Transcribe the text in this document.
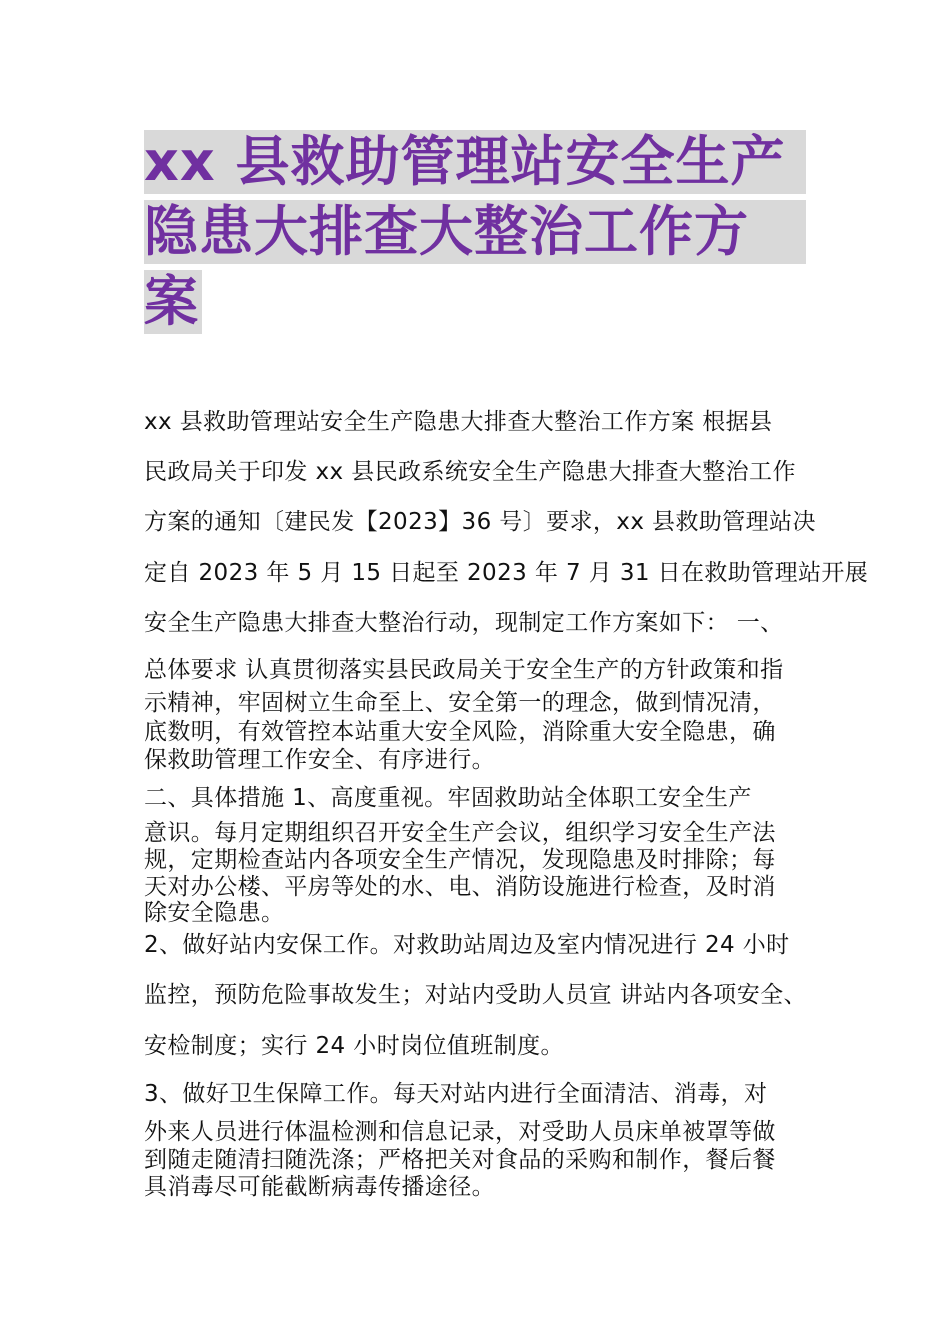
xx 县救助管理站安全生产
隐患大排查大整治工作方
案
xx 县救助管理站安全生产隐患大排查大整治工作方案 根据县
民政局关于印发 xx 县民政系统安全生产隐患大排查大整治工作
方案的通知〔建民发【2023】36 号〕要求，xx 县救助管理站决
定自 2023 年 5 月 15 日起至 2023 年 7 月 31 日在救助管理站开展
安全生产隐患大排查大整治行动，现制定工作方案如下： 一、
总体要求 认真贯彻落实县民政局关于安全生产的方针政策和指
示精神，牢固树立生命至上、安全第一的理念，做到情况清，
底数明，有效管控本站重大安全风险，消除重大安全隐患，确
保救助管理工作安全、有序进行。
二、具体措施 1、高度重视。牢固救助站全体职工安全生产
意识。每月定期组织召开安全生产会议，组织学习安全生产法
规，定期检查站内各项安全生产情况，发现隐患及时排除；每
天对办公楼、平房等处的水、电、消防设施进行检查，及时消
除安全隐患。
2、做好站内安保工作。对救助站周边及室内情况进行 24 小时
监控，预防危险事故发生；对站内受助人员宣 讲站内各项安全、
安检制度；实行 24 小时岗位值班制度。
3、做好卫生保障工作。每天对站内进行全面清洁、消毒，对
外来人员进行体温检测和信息记录，对受助人员床单被罩等做
到随走随清扫随洗涤；严格把关对食品的采购和制作，餐后餐
具消毒尽可能截断病毒传播途径。
